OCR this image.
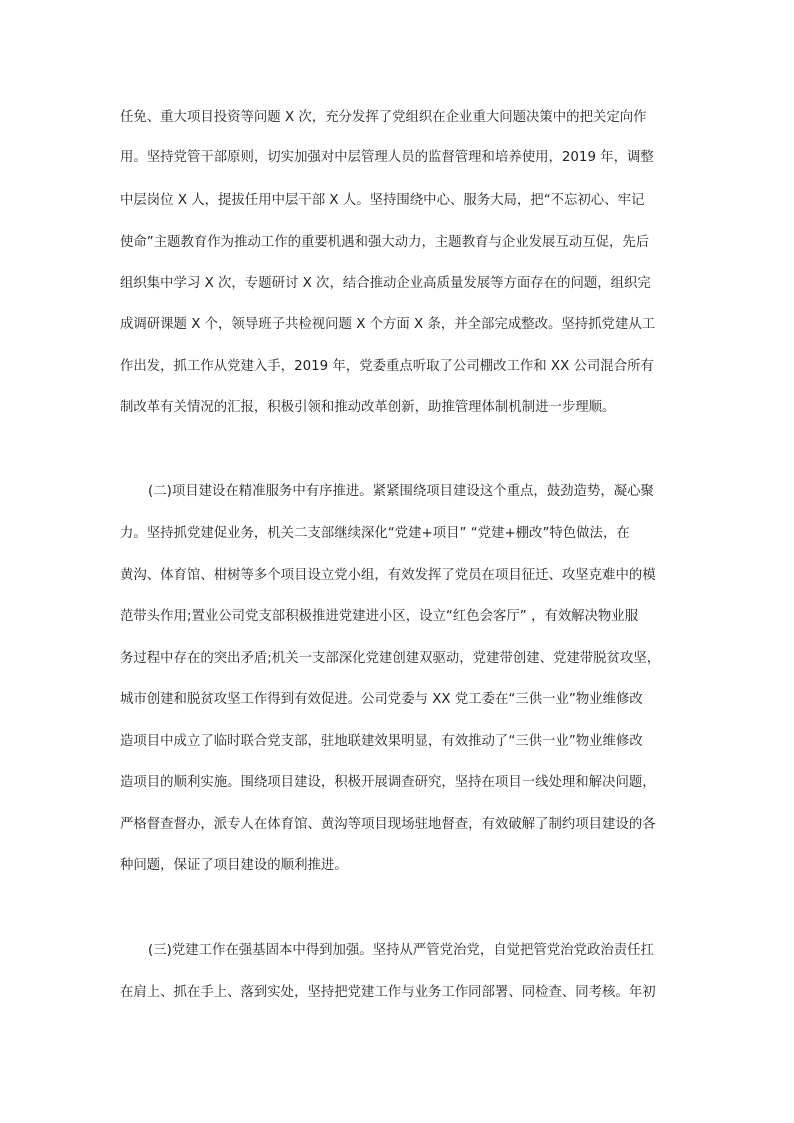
任免、重大项目投资等问题 X 次，充分发挥了党组织在企业重大问题决策中的把关定向作
用。坚持党管干部原则，切实加强对中层管理人员的监督管理和培养使用，2019 年，调整
中层岗位 X 人，提拔任用中层干部 X 人。坚持围绕中心、服务大局，把“不忘初心、牢记
使命”主题教育作为推动工作的重要机遇和强大动力，主题教育与企业发展互动互促，先后
组织集中学习 X 次，专题研讨 X 次，结合推动企业高质量发展等方面存在的问题，组织完
成调研课题 X 个，领导班子共检视问题 X 个方面 X 条，并全部完成整改。坚持抓党建从工
作出发，抓工作从党建入手，2019 年，党委重点听取了公司棚改工作和 XX 公司混合所有
制改革有关情况的汇报，积极引领和推动改革创新，助推管理体制机制进一步理顺。
(二)项目建设在精准服务中有序推进。紧紧围绕项目建设这个重点，鼓劲造势，凝心聚
力。坚持抓党建促业务，机关二支部继续深化“党建+项目” “党建+棚改”特色做法，在
黄沟、体育馆、柑树等多个项目设立党小组，有效发挥了党员在项目征迁、攻坚克难中的模
范带头作用;置业公司党支部积极推进党建进小区，设立“红色会客厅” ，有效解决物业服
务过程中存在的突出矛盾;机关一支部深化党建创建双驱动，党建带创建、党建带脱贫攻坚，
城市创建和脱贫攻坚工作得到有效促进。公司党委与 XX 党工委在“三供一业”物业维修改
造项目中成立了临时联合党支部，驻地联建效果明显，有效推动了“三供一业”物业维修改
造项目的顺利实施。围绕项目建设，积极开展调查研究，坚持在项目一线处理和解决问题，
严格督查督办，派专人在体育馆、黄沟等项目现场驻地督查，有效破解了制约项目建设的各
种问题，保证了项目建设的顺利推进。
(三)党建工作在强基固本中得到加强。坚持从严管党治党，自觉把管党治党政治责任扛
在肩上、抓在手上、落到实处，坚持把党建工作与业务工作同部署、同检查、同考核。年初
